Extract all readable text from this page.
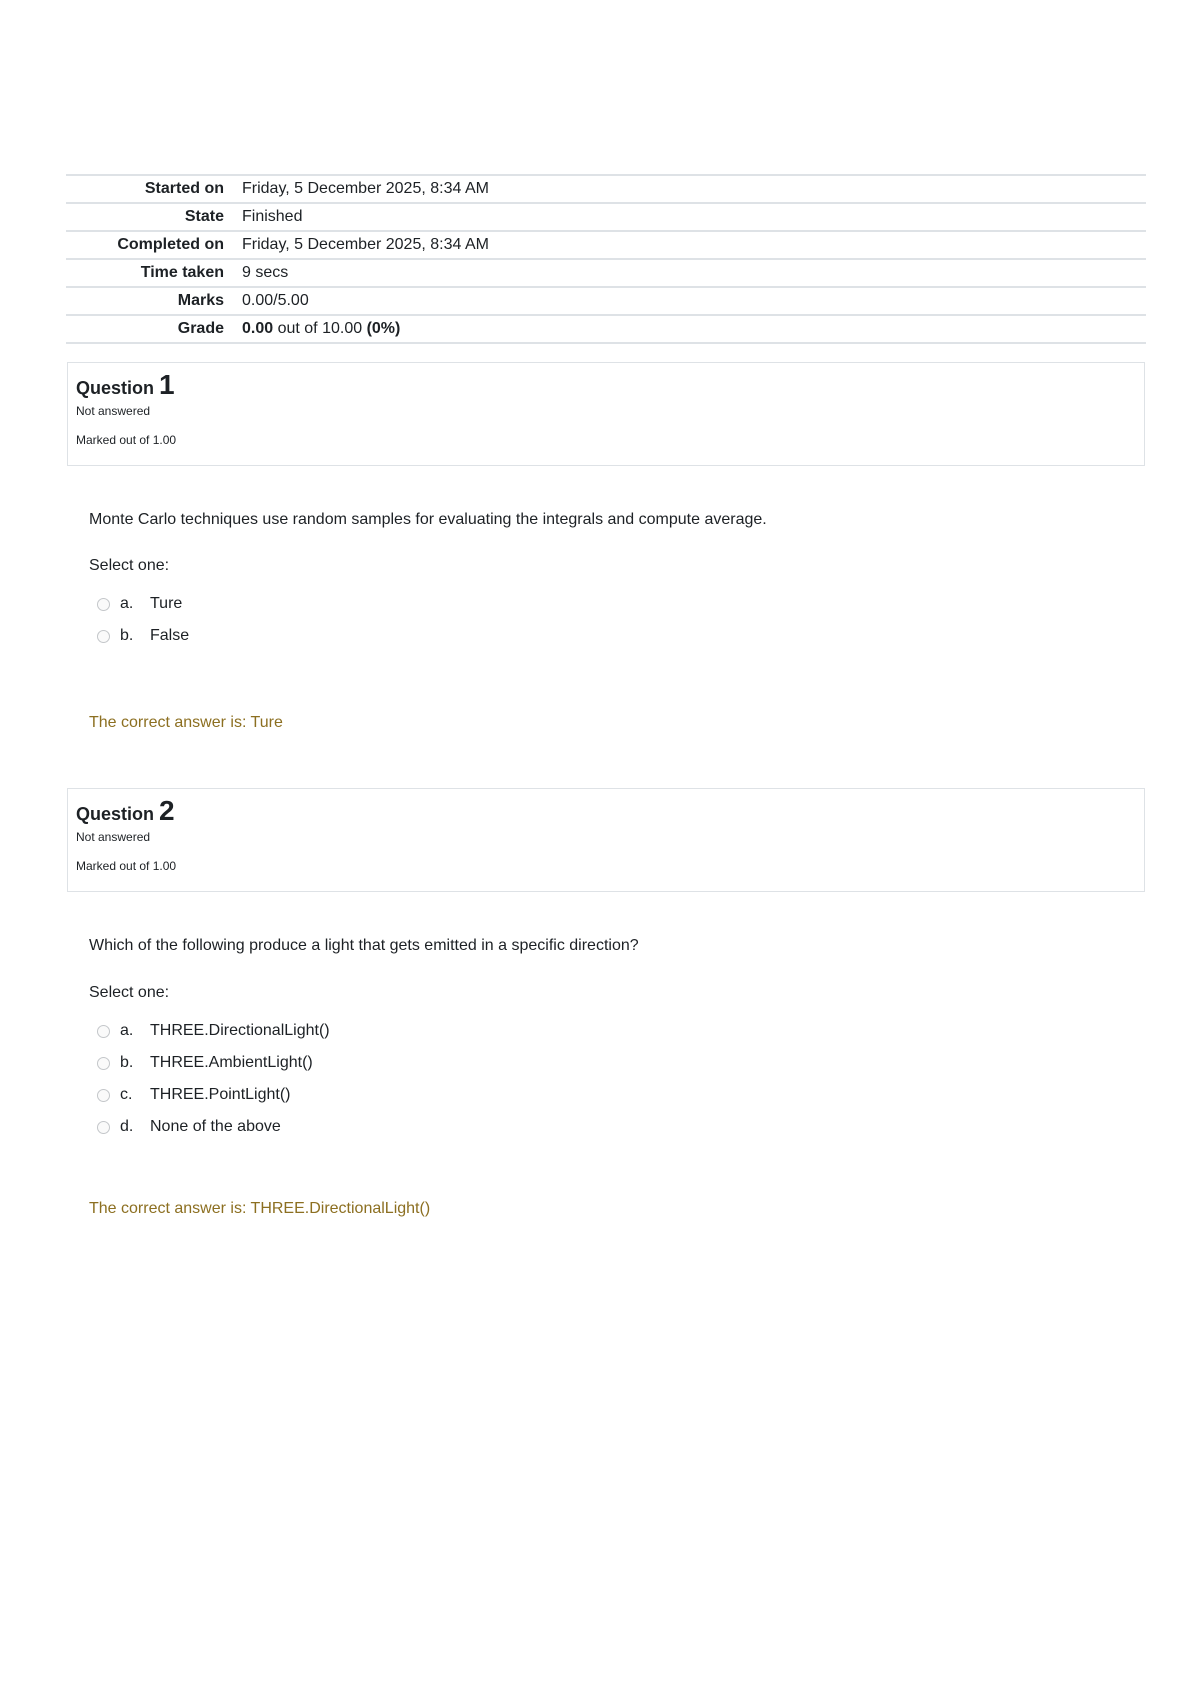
Started on	Friday, 5 December 2025, 8:34 AM
State	Finished
Completed on	Friday, 5 December 2025, 8:34 AM
Time taken	9 secs
Marks	0.00/5.00
Grade	0.00 out of 10.00 (0%)
Question 1
Not answered
Marked out of 1.00
Monte Carlo techniques use random samples for evaluating the integrals and compute average.
Select one:
a.	Ture
b.	False
The correct answer is: Ture
Question 2
Not answered
Marked out of 1.00
Which of the following produce a light that gets emitted in a specific direction?
Select one:
a.	THREE.DirectionalLight()
b.	THREE.AmbientLight()
c.	THREE.PointLight()
d.	None of the above
The correct answer is: THREE.DirectionalLight()
